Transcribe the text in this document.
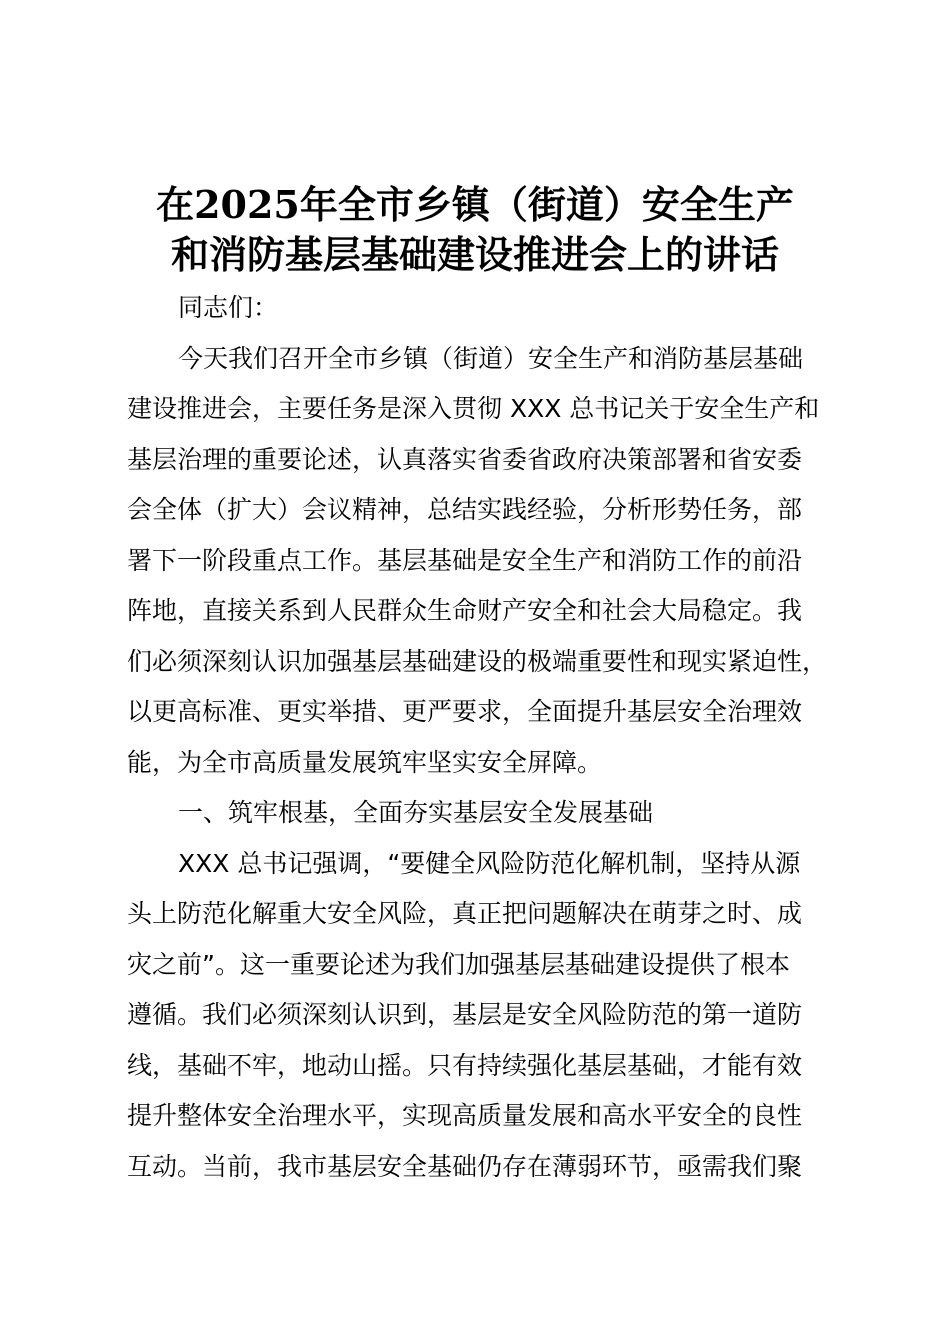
在2025年全市乡镇（街道）安全生产
和消防基层基础建设推进会上的讲话
同志们：
今天我们召开全市乡镇（街道）安全生产和消防基层基础
建设推进会，主要任务是深入贯彻 XXX 总书记关于安全生产和
基层治理的重要论述，认真落实省委省政府决策部署和省安委
会全体（扩大）会议精神，总结实践经验，分析形势任务，部
署下一阶段重点工作。基层基础是安全生产和消防工作的前沿
阵地，直接关系到人民群众生命财产安全和社会大局稳定。我
们必须深刻认识加强基层基础建设的极端重要性和现实紧迫性，
以更高标准、更实举措、更严要求，全面提升基层安全治理效
能，为全市高质量发展筑牢坚实安全屏障。
一、筑牢根基，全面夯实基层安全发展基础
XXX 总书记强调，“要健全风险防范化解机制，坚持从源
头上防范化解重大安全风险，真正把问题解决在萌芽之时、成
灾之前”。这一重要论述为我们加强基层基础建设提供了根本
遵循。我们必须深刻认识到，基层是安全风险防范的第一道防
线，基础不牢，地动山摇。只有持续强化基层基础，才能有效
提升整体安全治理水平，实现高质量发展和高水平安全的良性
互动。当前，我市基层安全基础仍存在薄弱环节，亟需我们聚
